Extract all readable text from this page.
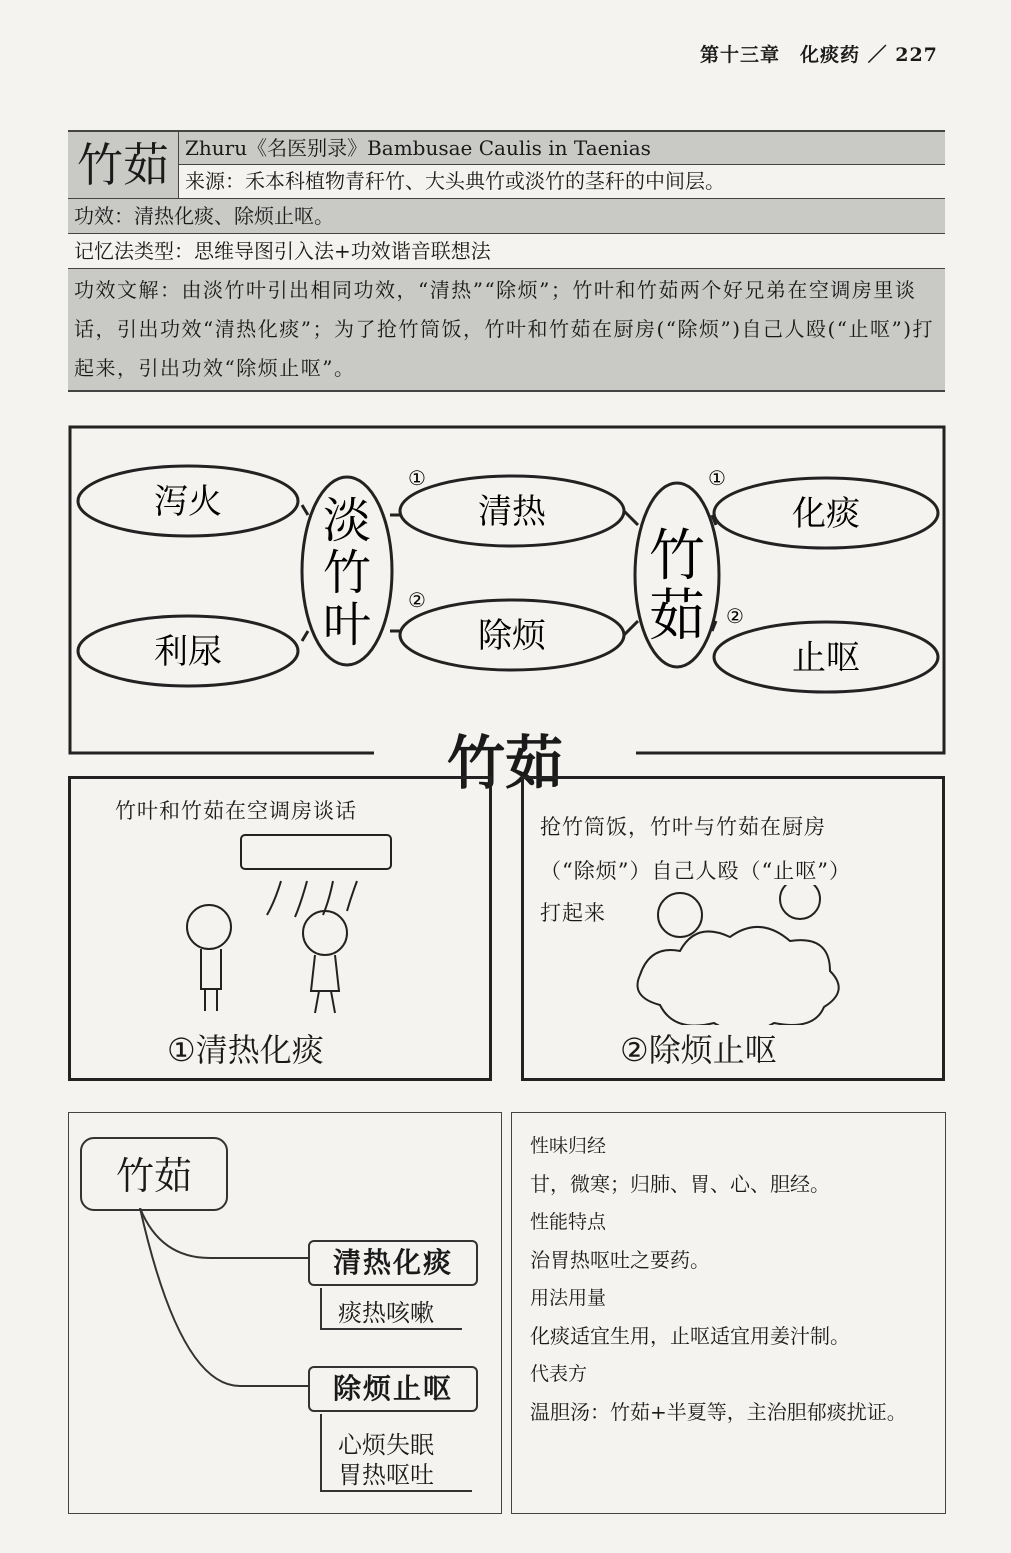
第十三章　化痰药 ／ 227
竹茹 Zhuru《名医别录》Bambusae Caulis in Taenias
来源：禾本科植物青秆竹、大头典竹或淡竹的茎秆的中间层。
功效：清热化痰、除烦止呕。
记忆法类型：思维导图引入法+功效谐音联想法
功效文解：由淡竹叶引出相同功效，“清热”“除烦”；竹叶和竹茹两个好兄弟在空调房里谈话，引出功效“清热化痰”；为了抢竹筒饭，竹叶和竹茹在厨房(“除烦”)自己人殴(“止呕”)打起来，引出功效“除烦止呕”。
泻火
利尿
清热
除烦
化痰
止呕
淡竹叶
竹茹
①
②
①
②
竹茹
竹叶和竹茹在空调房谈话
①清热化痰
抢竹筒饭，竹叶与竹茹在厨房
（“除烦”）自己人殴（“止呕”）
打起来
②除烦止呕
竹茹
清热化痰
痰热咳嗽
除烦止呕
心烦失眠
胃热呕吐

性味归经

甘，微寒；归肺、胃、心、胆经。

性能特点

治胃热呕吐之要药。

用法用量

化痰适宜生用，止呕适宜用姜汁制。

代表方

温胆汤：竹茹+半夏等，主治胆郁痰扰证。
